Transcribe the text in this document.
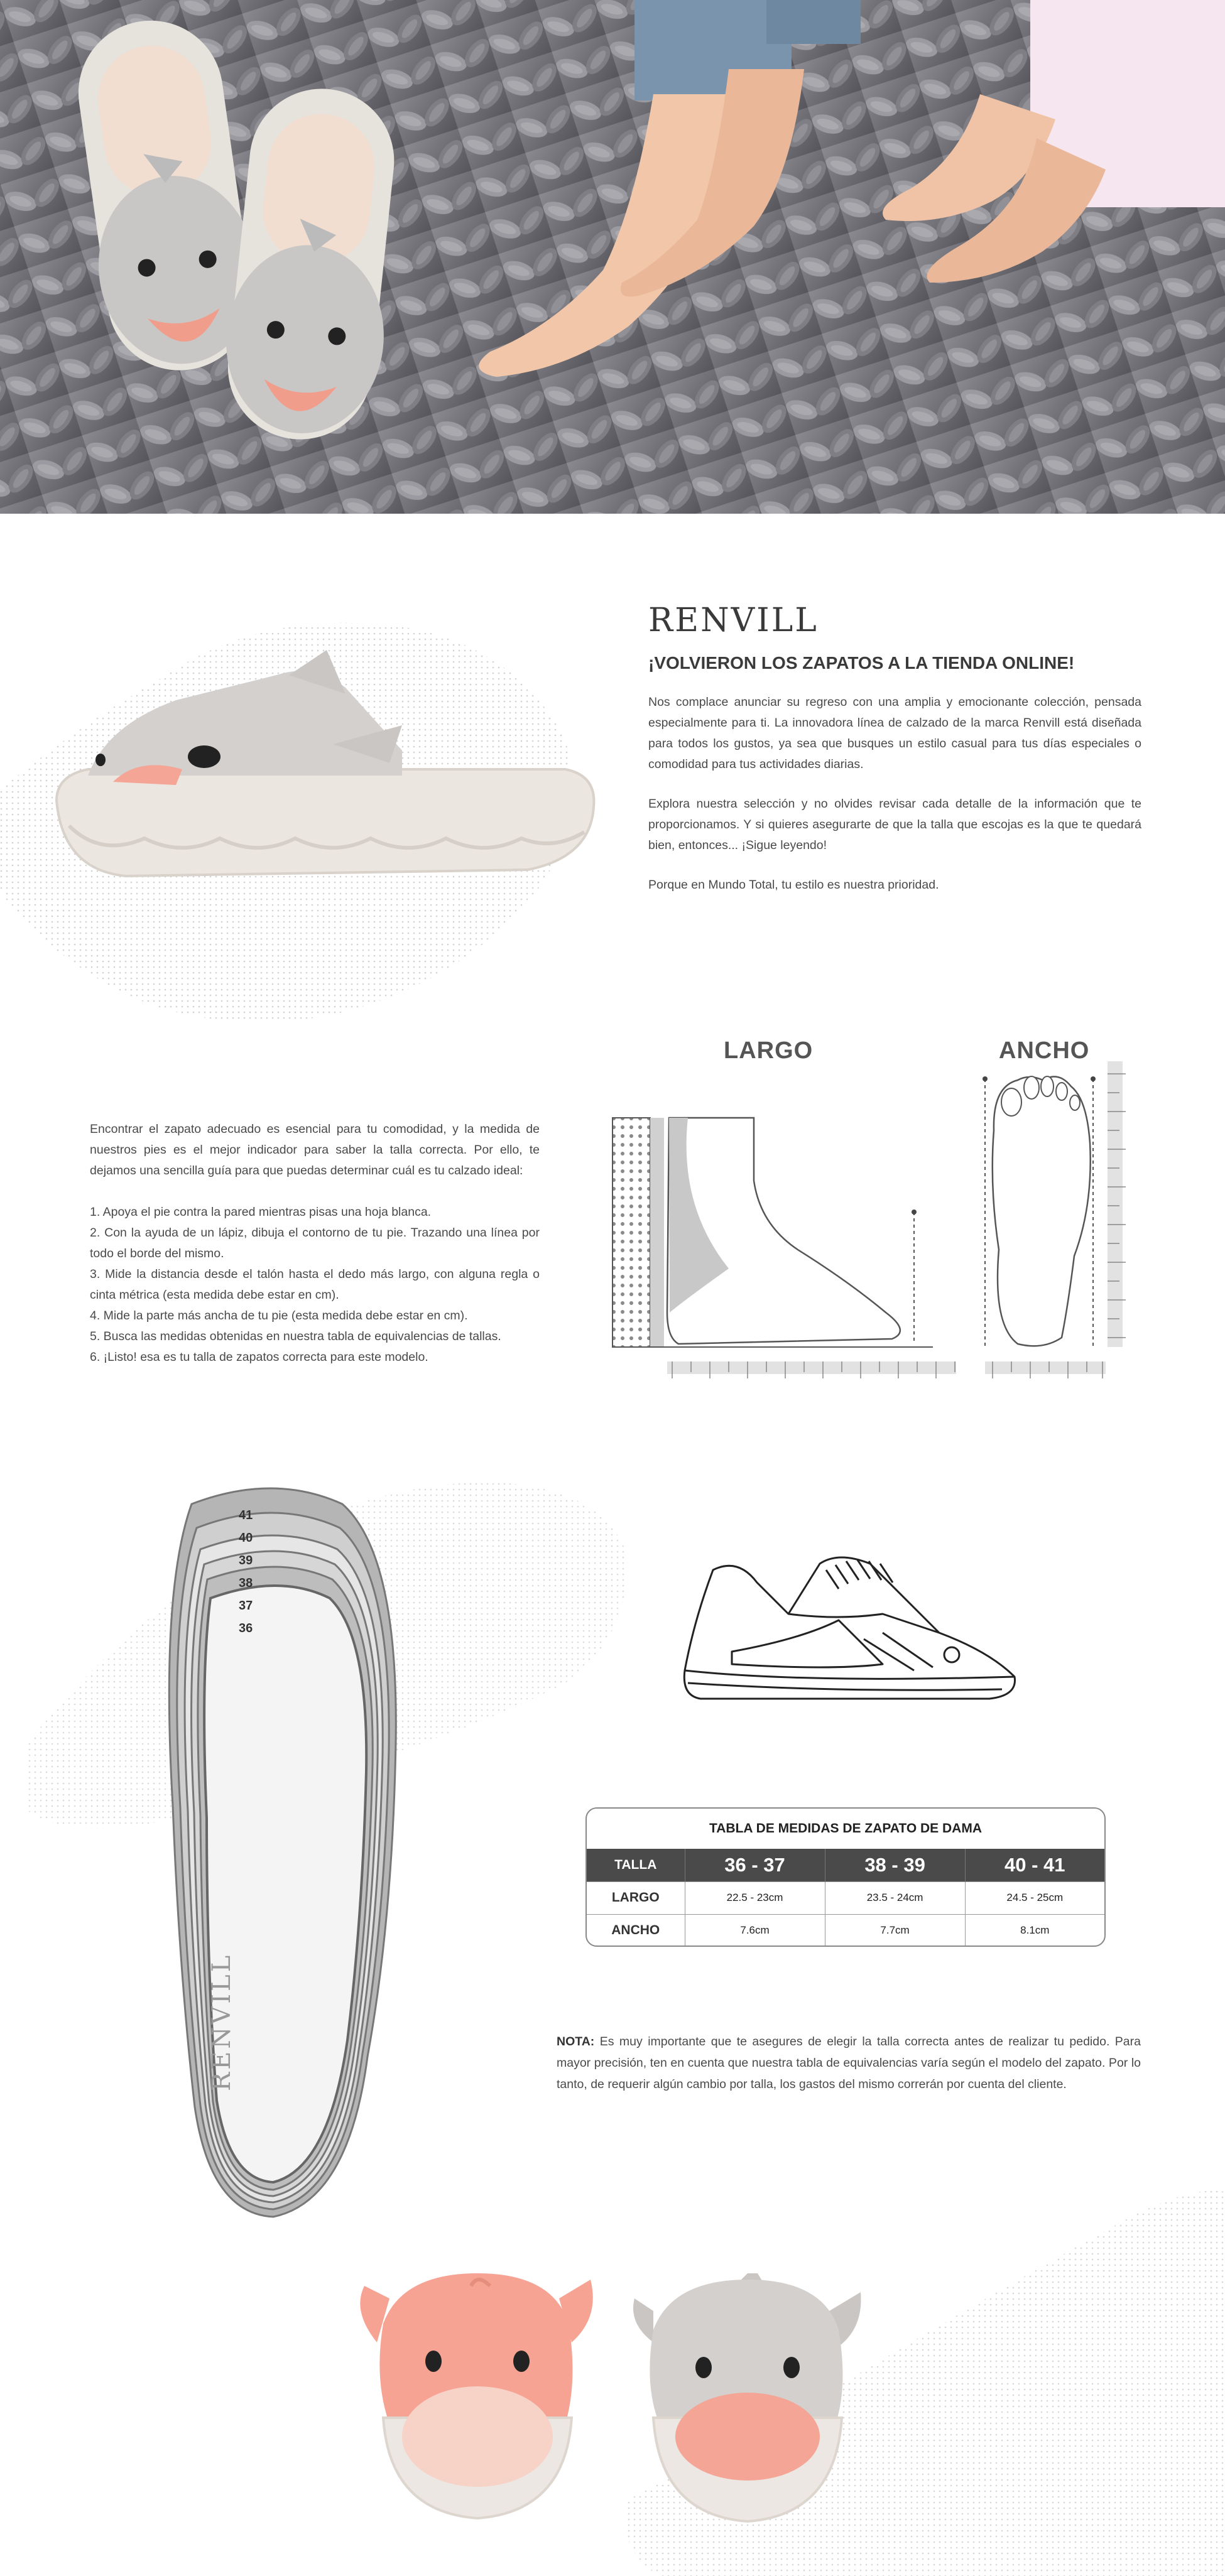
RENVILL
¡VOLVIERON LOS ZAPATOS A LA TIENDA ONLINE!

Nos complace anunciar su regreso con una amplia y emocionante colección, pensada especialmente para ti. La innovadora línea de calzado de la marca Renvill está diseñada para todos los gustos, ya sea que busques un estilo casual para tus días especiales o comodidad para tus actividades diarias.

Explora nuestra selección y no olvides revisar cada detalle de la información que te proporcionamos. Y si quieres asegurarte de que la talla que escojas es la que te quedará bien, entonces... ¡Sigue leyendo!

Porque en Mundo Total, tu estilo es nuestra prioridad.

Encontrar el zapato adecuado es esencial para tu comodidad, y la medida de nuestros pies es el mejor indicador para saber la talla correcta. Por ello, te dejamos una sencilla guía para que puedas determinar cuál es tu calzado ideal:

1. Apoya el pie contra la pared mientras pisas una hoja blanca.
2. Con la ayuda de un lápiz, dibuja el contorno de tu pie. Trazando una línea por todo el borde del mismo.
3. Mide la distancia desde el talón hasta el dedo más largo, con alguna regla o cinta métrica (esta medida debe estar en cm).
4. Mide la parte más ancha de tu pie (esta medida debe estar en cm).
5. Busca las medidas obtenidas en nuestra tabla de equivalencias de tallas.
6. ¡Listo! esa es tu talla de zapatos correcta para este modelo.
LARGO	ANCHO
41
40
39
38
37
36
RENVILL
TABLA DE MEDIDAS DE ZAPATO DE DAMA
TALLA	36 - 37	38 - 39	40 - 41
LARGO	22.5 - 23cm	23.5 - 24cm	24.5 - 25cm
ANCHO	7.6cm	7.7cm	8.1cm
NOTA: Es muy importante que te asegures de elegir la talla correcta antes de realizar tu pedido. Para mayor precisión, ten en cuenta que nuestra tabla de equivalencias varía según el modelo del zapato. Por lo tanto, de requerir algún cambio por talla, los gastos del mismo correrán por cuenta del cliente.
